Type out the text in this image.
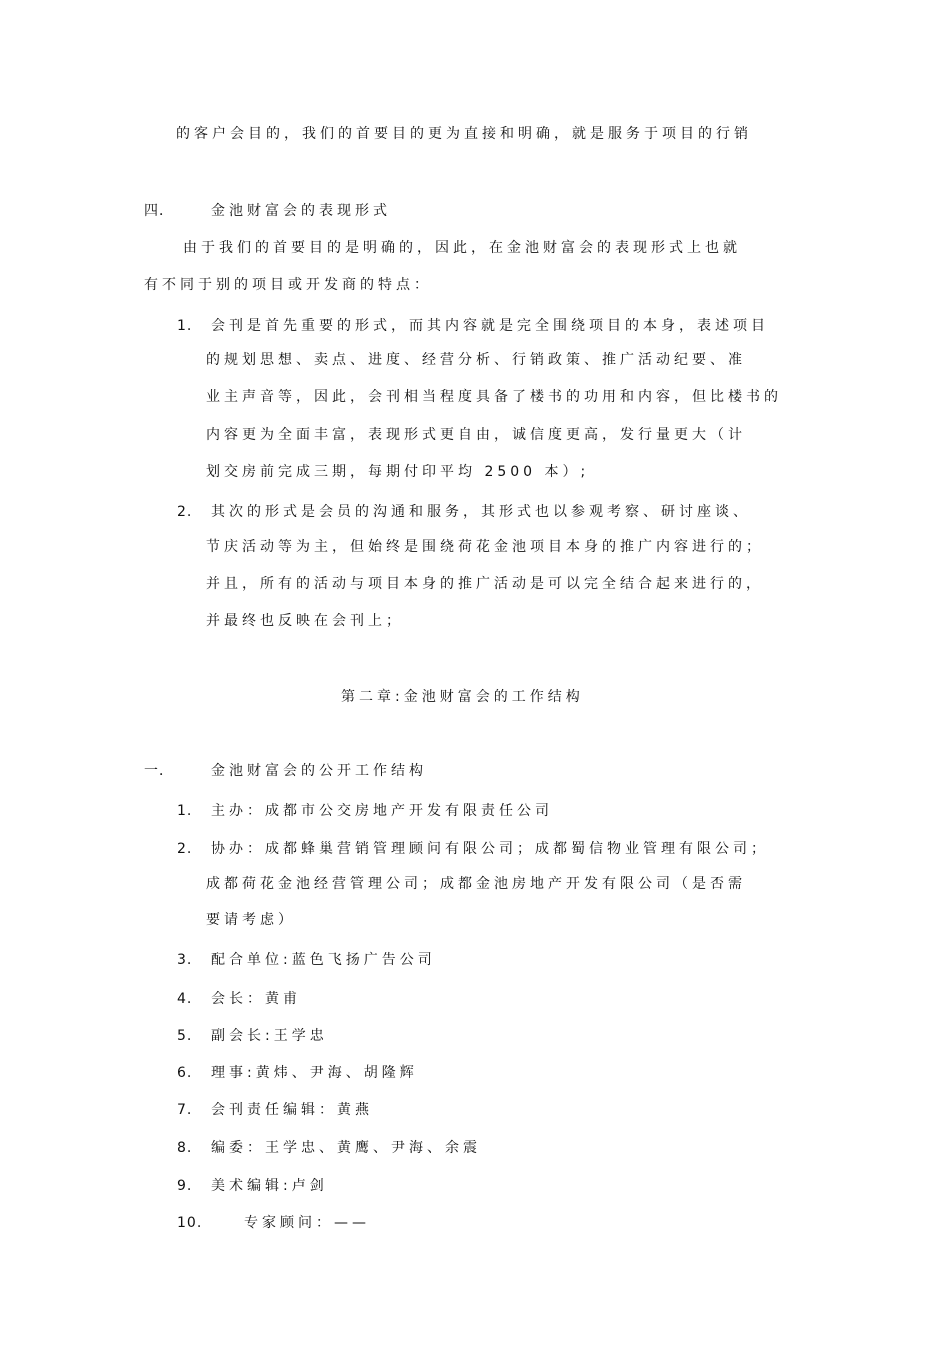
的客户会目的，我们的首要目的更为直接和明确，就是服务于项目的行销
四．	金池财富会的表现形式
由于我们的首要目的是明确的，因此，在金池财富会的表现形式上也就
有不同于别的项目或开发商的特点：
1. 会刊是首先重要的形式，而其内容就是完全围绕项目的本身，表述项目
的规划思想、卖点、进度、经营分析、行销政策、推广活动纪要、准
业主声音等，因此，会刊相当程度具备了楼书的功用和内容，但比楼书的
内容更为全面丰富，表现形式更自由，诚信度更高，发行量更大（计
划交房前完成三期，每期付印平均 2500 本）;
2. 其次的形式是会员的沟通和服务，其形式也以参观考察、研讨座谈、
节庆活动等为主，但始终是围绕荷花金池项目本身的推广内容进行的；
并且，所有的活动与项目本身的推广活动是可以完全结合起来进行的，
并最终也反映在会刊上；
第二章:金池财富会的工作结构
一．	金池财富会的公开工作结构
1. 主办：成都市公交房地产开发有限责任公司
2. 协办：成都蜂巢营销管理顾问有限公司；成都蜀信物业管理有限公司；
成都荷花金池经营管理公司；成都金池房地产开发有限公司（是否需
要请考虑）
3. 配合单位:蓝色飞扬广告公司
4. 会长：黄甫
5. 副会长:王学忠
6. 理事:黄炜、尹海、胡隆辉
7. 会刊责任编辑：黄燕
8. 编委：王学忠、黄鹰、尹海、余震
9. 美术编辑:卢剑
10.	专家顾问：——
